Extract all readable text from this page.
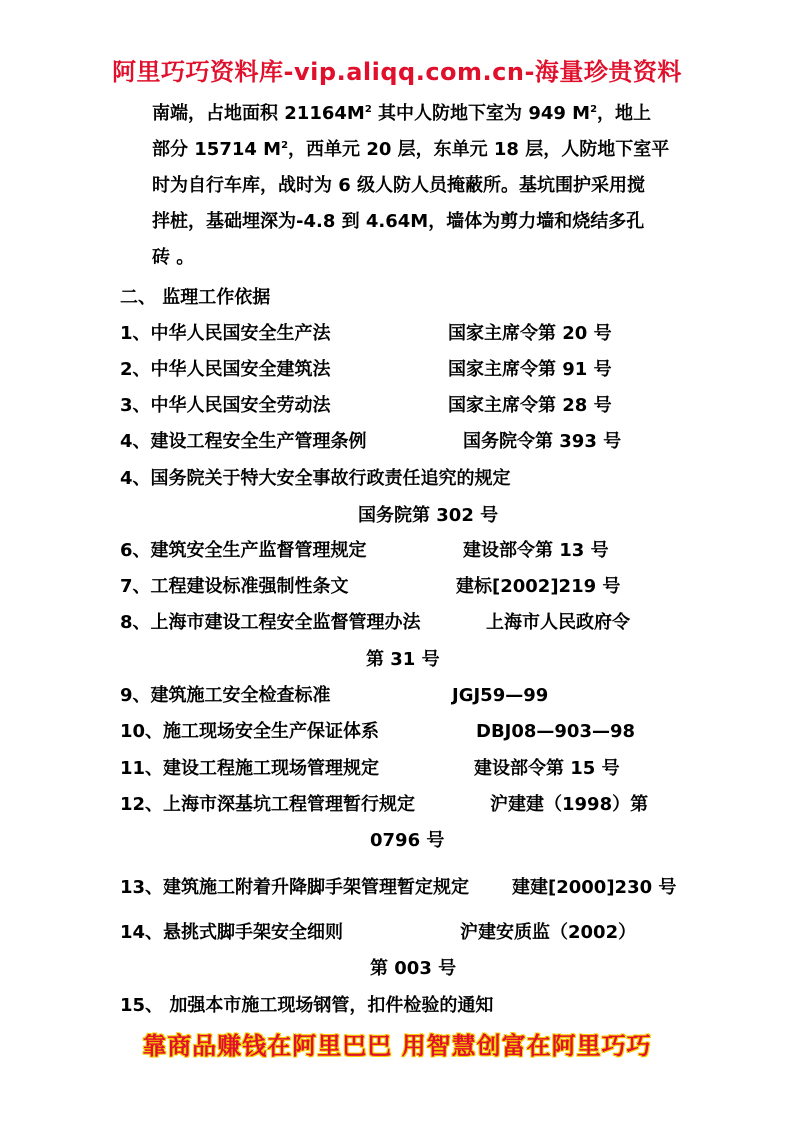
阿里巧巧资料库-vip.aliqq.com.cn-海量珍贵资料
南端，占地面积 $21164M^2$ 其中人防地下室为 949 $M^2$，地上
部分 15714 $M^2$，西单元 20 层，东单元 18 层，人防地下室平
时为自行车库，战时为 6 级人防人员掩蔽所。基坑围护采用搅
拌桩，基础埋深为-4.8 到 4.64M，墙体为剪力墙和烧结多孔
砖 。
二、 监理工作依据
1、中华人民国安全生产法	国家主席令第 20 号
2、中华人民国安全建筑法	国家主席令第 91 号
3、中华人民国安全劳动法	国家主席令第 28 号
4、建设工程安全生产管理条例	国务院令第 393 号
4、国务院关于特大安全事故行政责任追究的规定
国务院第 302 号
6、建筑安全生产监督管理规定	建设部令第 13 号
7、工程建设标准强制性条文	建标[2002]219 号
8、上海市建设工程安全监督管理办法	上海市人民政府令
第 31 号
9、建筑施工安全检查标准	JGJ59—99
10、施工现场安全生产保证体系	DBJ08—903—98
11、建设工程施工现场管理规定	建设部令第 15 号
12、上海市深基坑工程管理暂行规定	沪建建（1998）第
0796 号
13、建筑施工附着升降脚手架管理暂定规定 建建[2000]230 号
14、悬挑式脚手架安全细则	沪建安质监（2002）
第 003 号
15、 加强本市施工现场钢管，扣件检验的通知
靠商品赚钱在阿里巴巴 用智慧创富在阿里巧巧
